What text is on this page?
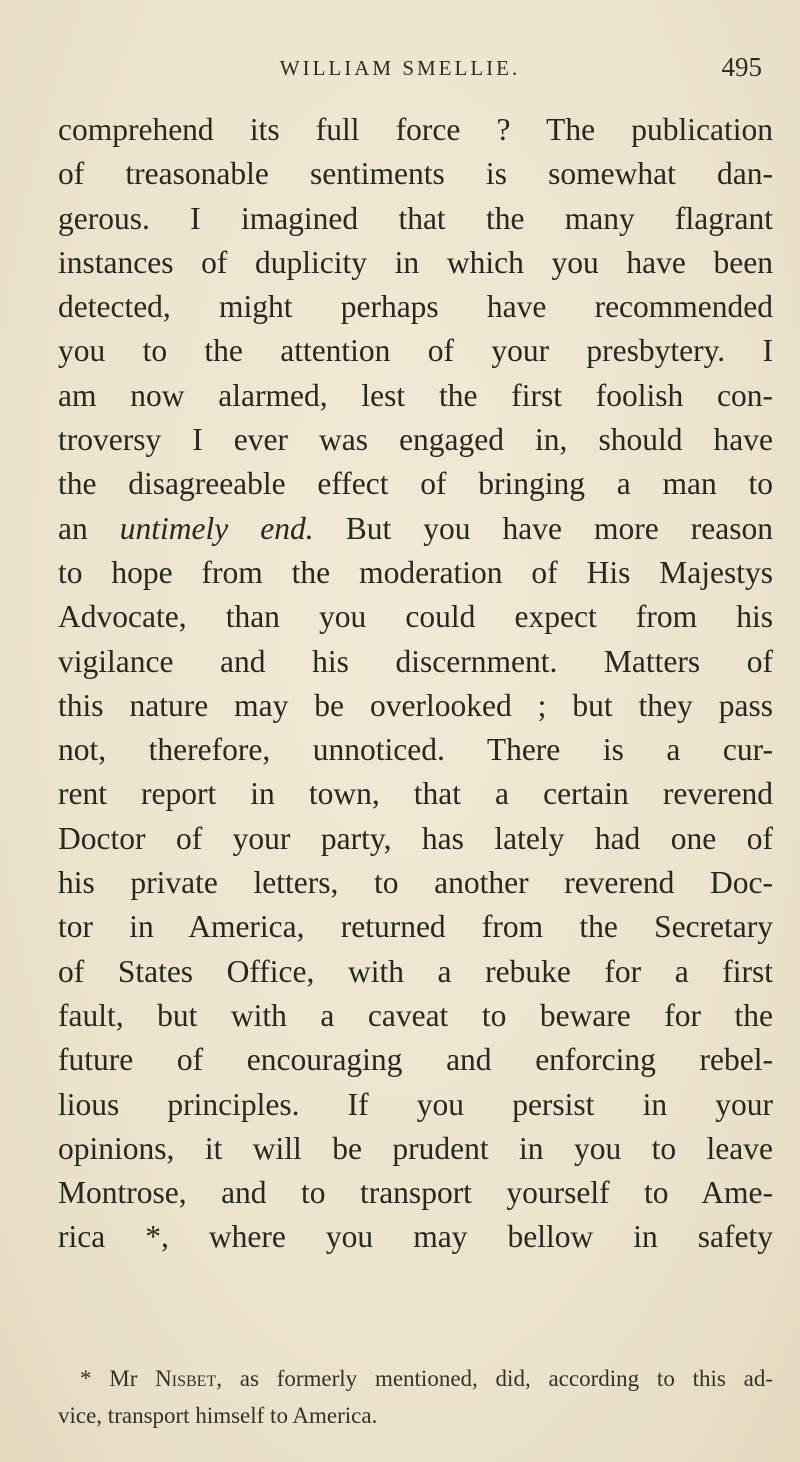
WILLIAM SMELLIE.	495
comprehend its full force ? The publication
of treasonable sentiments is somewhat dan-
gerous. I imagined that the many flagrant
instances of duplicity in which you have been
detected, might perhaps have recommended
you to the attention of your presbytery. I
am now alarmed, lest the first foolish con-
troversy I ever was engaged in, should have
the disagreeable effect of bringing a man to
an untimely end. But you have more reason
to hope from the moderation of His Majestys
Advocate, than you could expect from his
vigilance and his discernment. Matters of
this nature may be overlooked ; but they pass
not, therefore, unnoticed. There is a cur-
rent report in town, that a certain reverend
Doctor of your party, has lately had one of
his private letters, to another reverend Doc-
tor in America, returned from the Secretary
of States Office, with a rebuke for a first
fault, but with a caveat to beware for the
future of encouraging and enforcing rebel-
lious principles. If you persist in your
opinions, it will be prudent in you to leave
Montrose, and to transport yourself to Ame-
rica *, where you may bellow in safety
* Mr Nisbet, as formerly mentioned, did, according to this ad-
vice, transport himself to America.
